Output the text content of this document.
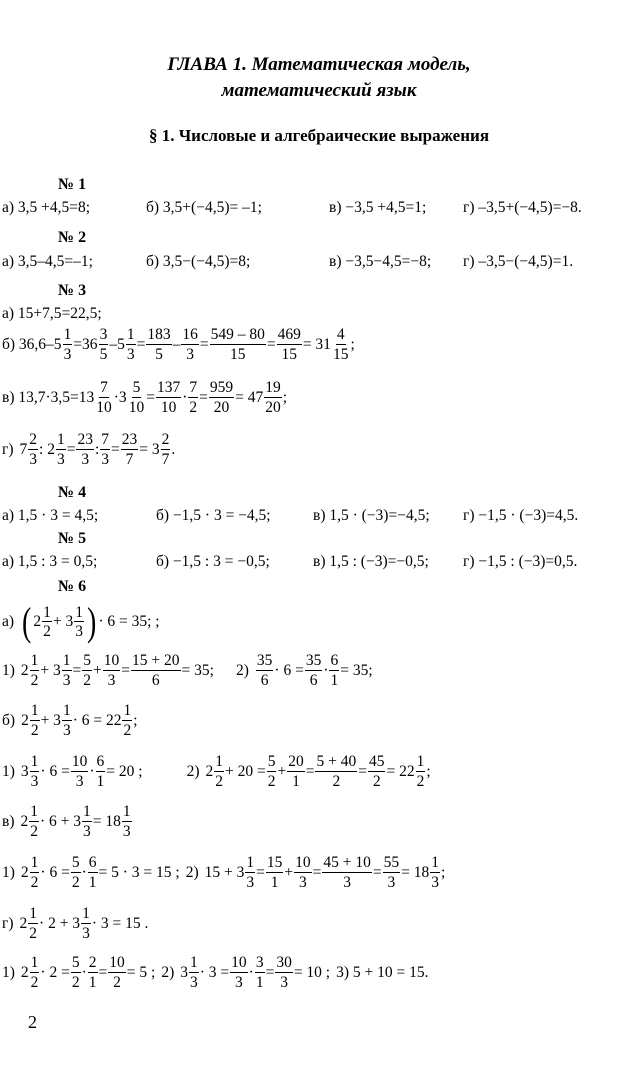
ГЛАВА 1. Математическая модель,
математический язык
§ 1. Числовые и алгебраические выражения
№ 1
а) 3,5 +4,5=8;	б) 3,5+(−4,5)= –1;	в) −3,5 +4,5=1; г) –3,5+(−4,5)=−8.
№ 2
а) 3,5–4,5=–1;	б) 3,5−(−4,5)=8;	в) −3,5−4,5=−8; г) –3,5−(−4,5)=1.
№ 3
а) 15+7,5=22,5;
б) $36,6-5 \frac{1}{3} =36 \frac{3}{5} -5 \frac{1}{3} = \frac{183}{5} - \frac{16}{3} = \frac{549 - 80}{15} = \frac{469}{15} = 31 \frac{4}{15}$ ;
в) $13,7\cdot 3,5=13 \frac{7}{10} \cdot 3 \frac{5}{10} = \frac{137}{10} \cdot \frac{7}{2} = \frac{959}{20} = 47 \frac{19}{20}$ ;
г)
$7 \frac{2}{3}$ : $2 \frac{1}{3} = \frac{23}{3}$ : $\frac{7}{3} = \frac{23}{7} = 3 \frac{2}{7}$ .
№ 4
а) 1,5 · 3 = 4,5;	б) −1,5 · 3 = −4,5;	в) 1,5 · (−3)=−4,5; г) −1,5 · (−3)=4,5.
№ 5
а) 1,5 : 3 = 0,5;	б) −1,5 : 3 = −0,5;	в) 1,5 : (−3)=−0,5; г) −1,5 : (−3)=0,5.
№ 6
а) ( $2 \frac{1}{2} + 3 \frac{1}{3}$ ) · 6 = 35; ;
1)
$2 \frac{1}{2} + 3 \frac{1}{3} = \frac{5}{2} + \frac{10}{3} = \frac{15 + 20}{6} = 35$; $2) \frac{35}{6} \cdot 6 = \frac{35}{6} \cdot \frac{6}{1} = 35$;
б)
$2 \frac{1}{2} + 3 \frac{1}{3} \cdot 6 = 22 \frac{1}{2}$ ;
1)
$3 \frac{1}{3} \cdot 6 = \frac{10}{3} \cdot \frac{6}{1} = 20$ ;	2)
$2 \frac{1}{2} + 20 = \frac{5}{2} + \frac{20}{1} = \frac{5 + 40}{2} = \frac{45}{2} = 22 \frac{1}{2}$ ;
в)
$2 \frac{1}{2} \cdot 6 + 3 \frac{1}{3} = 18 \frac{1}{3}$
1)
$2 \frac{1}{2} \cdot 6 = \frac{5}{2} \cdot \frac{6}{1} = 5 \cdot 3 = 15$ ;
2)
$15 + 3 \frac{1}{3} = \frac{15}{1} + \frac{10}{3} = \frac{45 + 10}{3} = \frac{55}{3} = 18 \frac{1}{3}$ ;
г)
$2 \frac{1}{2} \cdot 2 + 3 \frac{1}{3} \cdot 3 = 15$ .
1)
$2 \frac{1}{2} \cdot 2 = \frac{5}{2} \cdot \frac{2}{1} = \frac{10}{2} = 5$ ;
2)
$3 \frac{1}{3} \cdot 3 = \frac{10}{3} \cdot \frac{3}{1} = \frac{30}{3} = 10$ ;
3) 5 + 10 = 15.
2
